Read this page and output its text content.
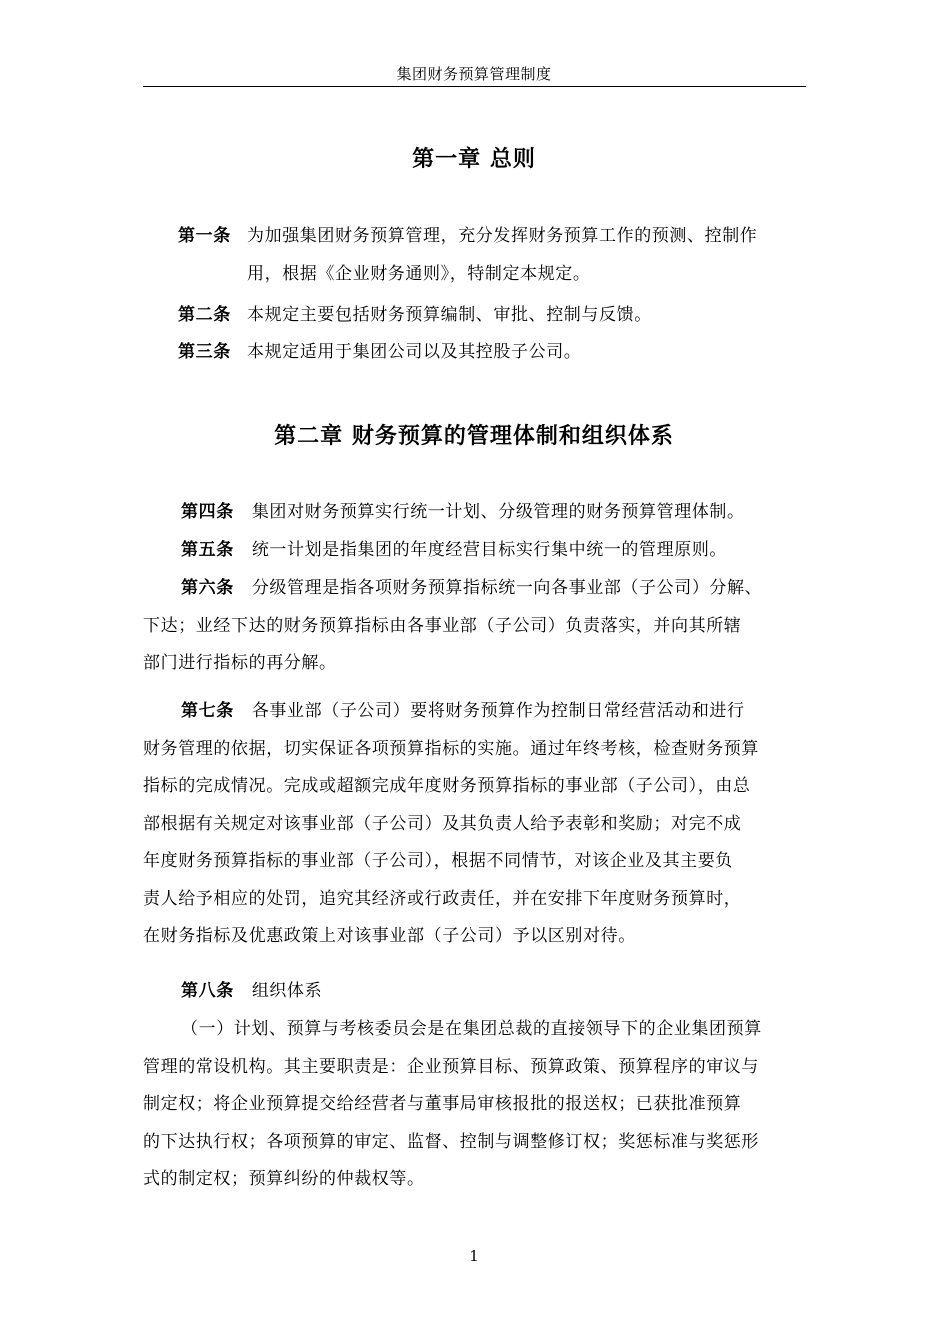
集团财务预算管理制度
第一章 总则
第一条 为加强集团财务预算管理，充分发挥财务预算工作的预测、控制作
用，根据《企业财务通则》，特制定本规定。
第二条 本规定主要包括财务预算编制、审批、控制与反馈。
第三条 本规定适用于集团公司以及其控股子公司。
第二章 财务预算的管理体制和组织体系
第四条 集团对财务预算实行统一计划、分级管理的财务预算管理体制。
第五条 统一计划是指集团的年度经营目标实行集中统一的管理原则。
第六条 分级管理是指各项财务预算指标统一向各事业部（子公司）分解、
下达；业经下达的财务预算指标由各事业部（子公司）负责落实，并向其所辖
部门进行指标的再分解。
第七条 各事业部（子公司）要将财务预算作为控制日常经营活动和进行
财务管理的依据，切实保证各项预算指标的实施。通过年终考核，检查财务预算
指标的完成情况。完成或超额完成年度财务预算指标的事业部（子公司），由总
部根据有关规定对该事业部（子公司）及其负责人给予表彰和奖励；对完不成
年度财务预算指标的事业部（子公司），根据不同情节，对该企业及其主要负
责人给予相应的处罚，追究其经济或行政责任，并在安排下年度财务预算时，
在财务指标及优惠政策上对该事业部（子公司）予以区别对待。
第八条 组织体系
（一）计划、预算与考核委员会是在集团总裁的直接领导下的企业集团预算
管理的常设机构。其主要职责是：企业预算目标、预算政策、预算程序的审议与
制定权；将企业预算提交给经营者与董事局审核报批的报送权；已获批准预算
的下达执行权；各项预算的审定、监督、控制与调整修订权；奖惩标准与奖惩形
式的制定权；预算纠纷的仲裁权等。
1
